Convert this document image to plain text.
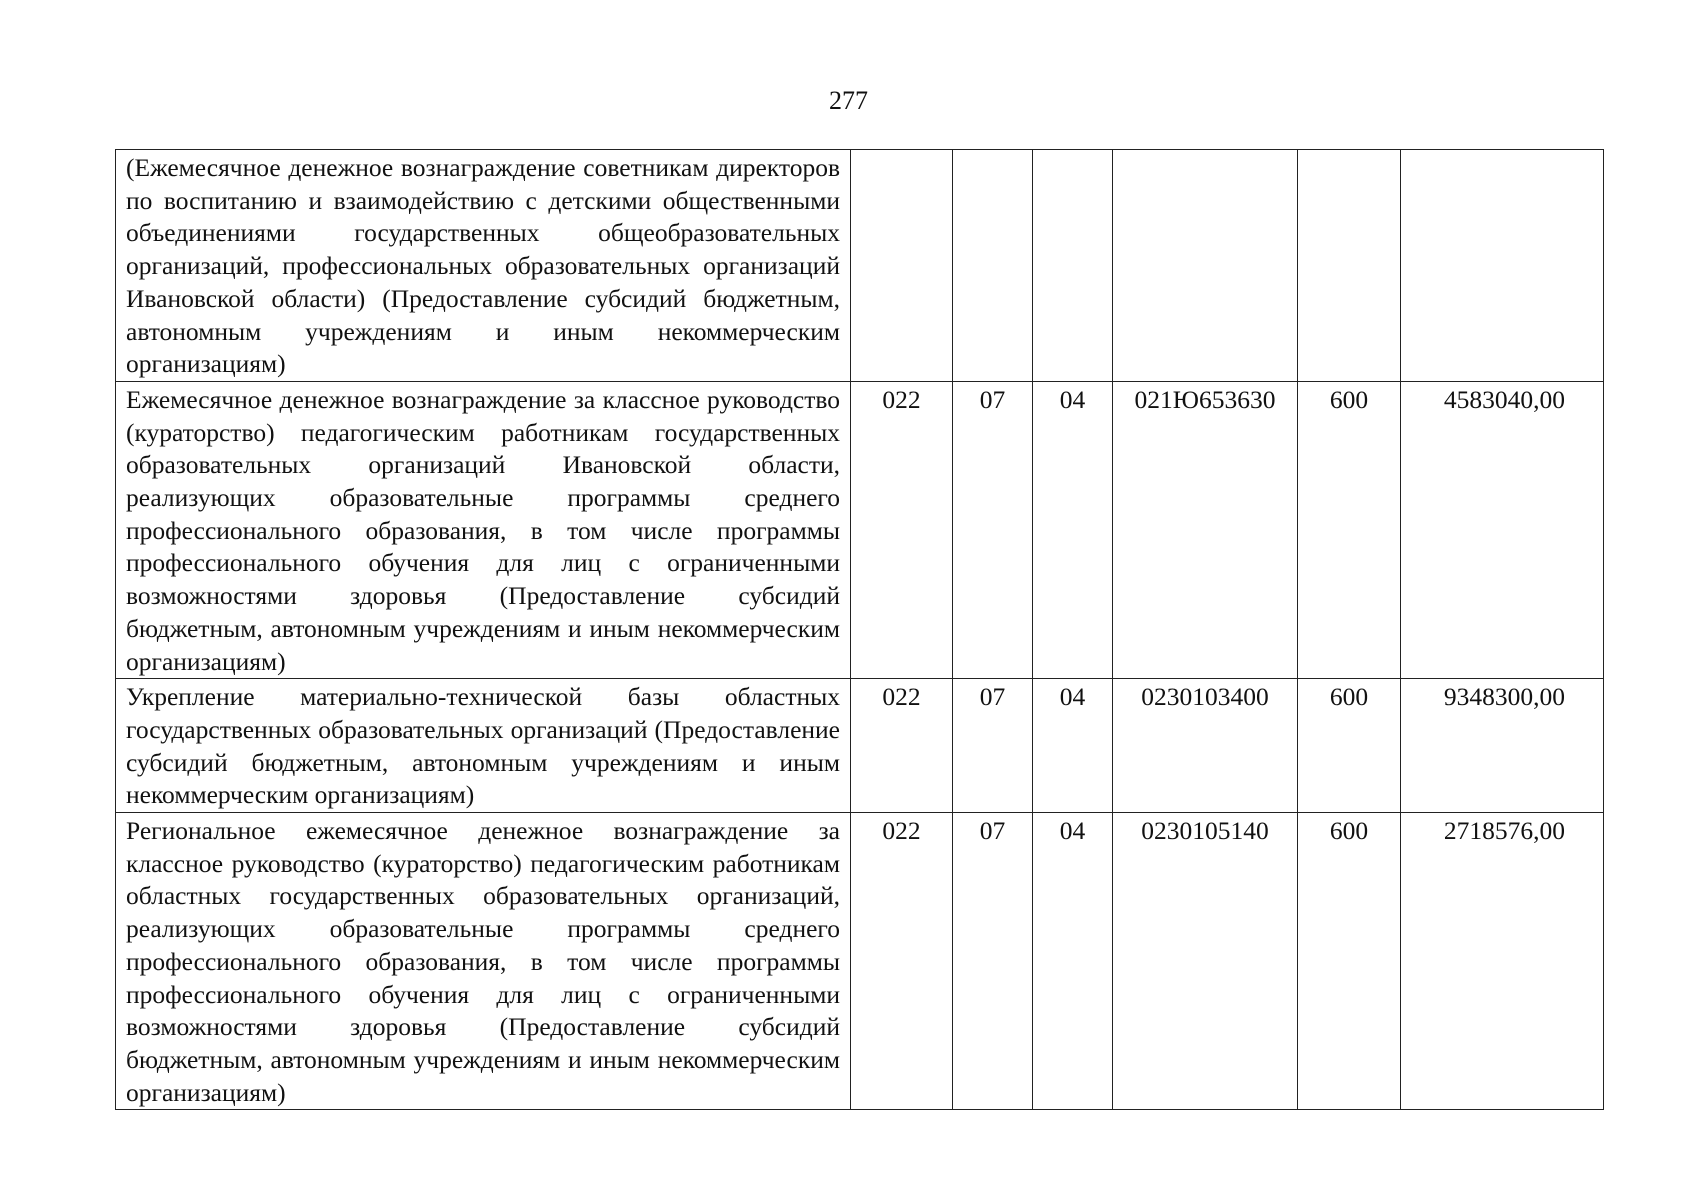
277
(Ежемесячное денежное вознаграждение советникам директоров по воспитанию и взаимодействию с детскими общественными объединениями государственных общеобразовательных организаций, профессиональных образовательных организаций Ивановской области) (Предоставление субсидий бюджетным, автономным учреждениям и иным некоммерческим организациям)						
Ежемесячное денежное вознаграждение за классное руководство (кураторство) педагогическим работникам государственных образовательных организаций Ивановской области, реализующих образовательные программы среднего профессионального образования, в том числе программы профессионального обучения для лиц с ограниченными возможностями здоровья (Предоставление субсидий бюджетным, автономным учреждениям и иным некоммерческим организациям)	022	07	04	021Ю653630	600	4583040,00
Укрепление материально-технической базы областных государственных образовательных организаций (Предоставление субсидий бюджетным, автономным учреждениям и иным некоммерческим организациям)	022	07	04	0230103400	600	9348300,00
Региональное ежемесячное денежное вознаграждение за классное руководство (кураторство) педагогическим работникам областных государственных образовательных организаций, реализующих образовательные программы среднего профессионального образования, в том числе программы профессионального обучения для лиц с ограниченными возможностями здоровья (Предоставление субсидий бюджетным, автономным учреждениям и иным некоммерческим организациям)	022	07	04	0230105140	600	2718576,00
